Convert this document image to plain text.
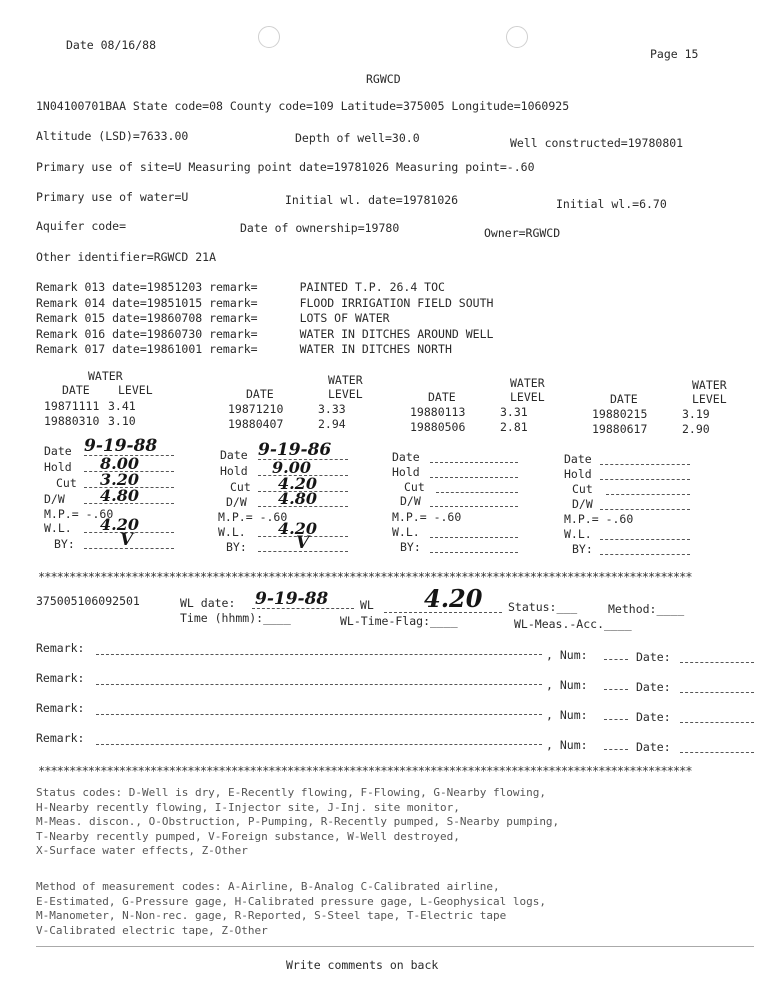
Date 08/16/88
Page 15
RGWCD
1N04100701BAA State code=08 County code=109 Latitude=375005 Longitude=1060925
Altitude (LSD)=7633.00	Depth of well=30.0	Well constructed=19780801
Primary use of site=U Measuring point date=19781026 Measuring point=-.60
Primary use of water=U	Initial wl. date=19781026	Initial wl.=6.70
Aquifer code=	Date of ownership=19780	Owner=RGWCD
Other identifier=RGWCD 21A
Remark 013 date=19851203 remark=	PAINTED T.P. 26.4 TOC
Remark 014 date=19851015 remark=	FLOOD IRRIGATION FIELD SOUTH
Remark 015 date=19860708 remark=	LOTS OF WATER
Remark 016 date=19860730 remark=	WATER IN DITCHES AROUND WELL
Remark 017 date=19861001 remark=	WATER IN DITCHES NORTH
WATER
DATE LEVEL
19871111 3.41
19880310 3.10
WATER
DATE	LEVEL
19871210	3.33
19880407	2.94
WATER
DATE	LEVEL
19880113	3.31
19880506	2.81
WATER
DATE	LEVEL
19880215	3.19
19880617	2.90
Date 9-19-88
Hold	8.00
Cut	3.20
D/W	4.80
M.P.= -.60
W.L.	4.20
BY:	V
Date 9-19-86
Hold	9.00
Cut	4.20
D/W	4.80
M.P.= -.60
W.L.	4.20
BY:	V
Date
Hold
Cut
D/W
M.P.= -.60
W.L.
BY:
Date
Hold
Cut
D/W
M.P.= -.60
W.L.
BY:
*********************************************************************************************************
375005106092501	WL date: 9-19-88	WL 4.20 Status:___	Method:____
Time (hhmm):____	WL-Time-Flag:____	WL-Meas.-Acc.____
Remark:	, Num:	Date:
Remark:	, Num:	Date:
Remark:	, Num:	Date:
Remark:	, Num:	Date:
*********************************************************************************************************
Status codes: D-Well is dry, E-Recently flowing, F-Flowing, G-Nearby flowing,
H-Nearby recently flowing, I-Injector site, J-Inj. site monitor,
M-Meas. discon., O-Obstruction, P-Pumping, R-Recently pumped, S-Nearby pumping,
T-Nearby recently pumped, V-Foreign substance, W-Well destroyed,
X-Surface water effects, Z-Other
Method of measurement codes: A-Airline, B-Analog C-Calibrated airline,
E-Estimated, G-Pressure gage, H-Calibrated pressure gage, L-Geophysical logs,
M-Manometer, N-Non-rec. gage, R-Reported, S-Steel tape, T-Electric tape
V-Calibrated electric tape, Z-Other
Write comments on back
